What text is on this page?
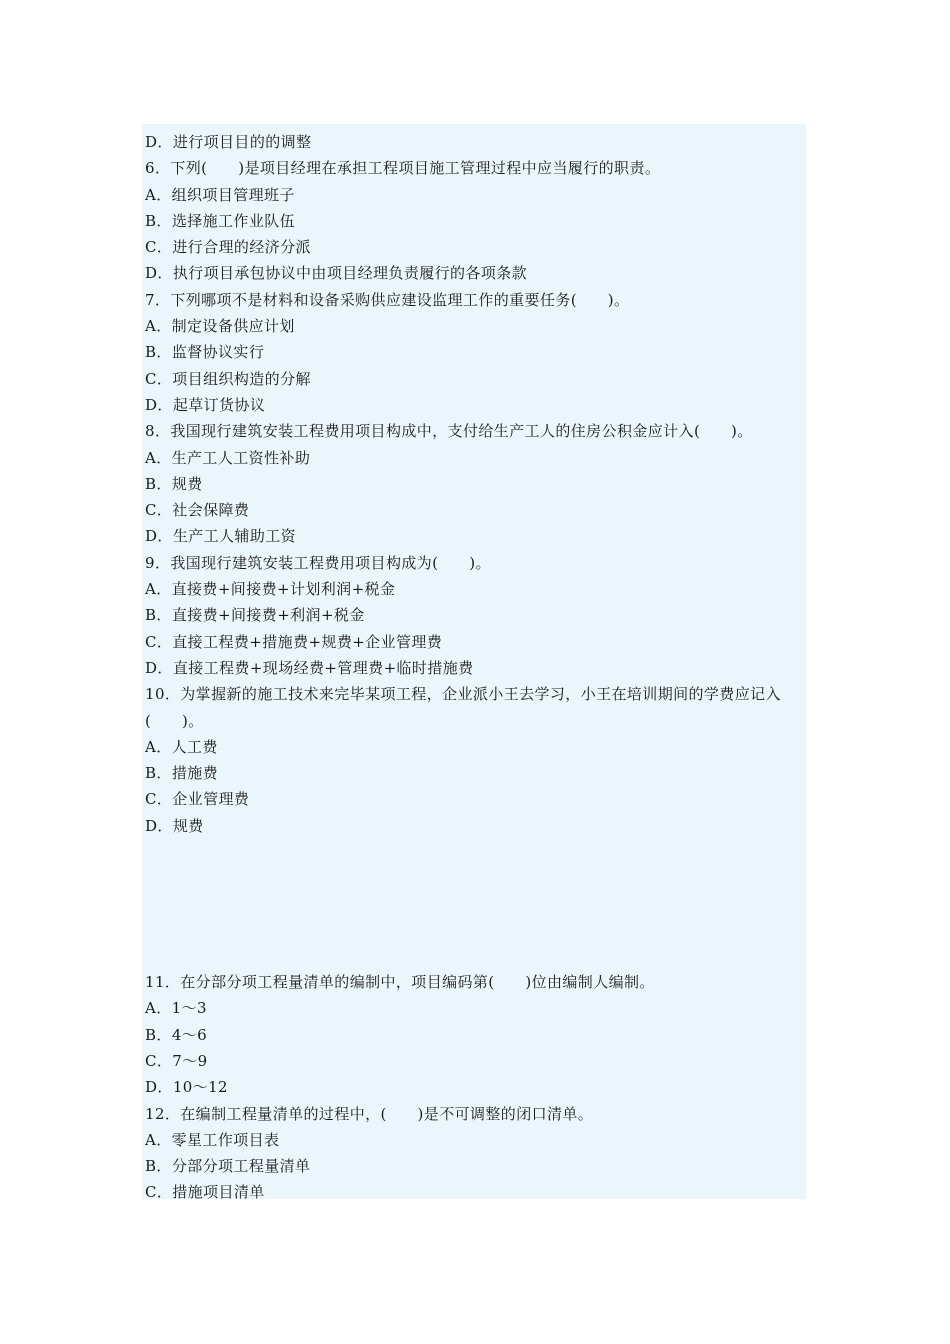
D．进行项目目的的调整
6．下列(　　)是项目经理在承担工程项目施工管理过程中应当履行的职责。
A．组织项目管理班子
B．选择施工作业队伍
C．进行合理的经济分派
D．执行项目承包协议中由项目经理负责履行的各项条款
7．下列哪项不是材料和设备采购供应建设监理工作的重要任务(　　)。
A．制定设备供应计划
B．监督协议实行
C．项目组织构造的分解
D．起草订货协议
8．我国现行建筑安装工程费用项目构成中，支付给生产工人的住房公积金应计入(　　)。
A．生产工人工资性补助
B．规费
C．社会保障费
D．生产工人辅助工资
9．我国现行建筑安装工程费用项目构成为(　　)。
A．直接费+间接费+计划利润+税金
B．直接费+间接费+利润+税金
C．直接工程费+措施费+规费+企业管理费
D．直接工程费+现场经费+管理费+临时措施费
10．为掌握新的施工技术来完毕某项工程，企业派小王去学习，小王在培训期间的学费应记入(　　)。
A．人工费
B．措施费
C．企业管理费
D．规费
11．在分部分项工程量清单的编制中，项目编码第(　　)位由编制人编制。
A．1～3
B．4～6
C．7～9
D．10～12
12．在编制工程量清单的过程中，(　　)是不可调整的闭口清单。
A．零星工作项目表
B．分部分项工程量清单
C．措施项目清单
